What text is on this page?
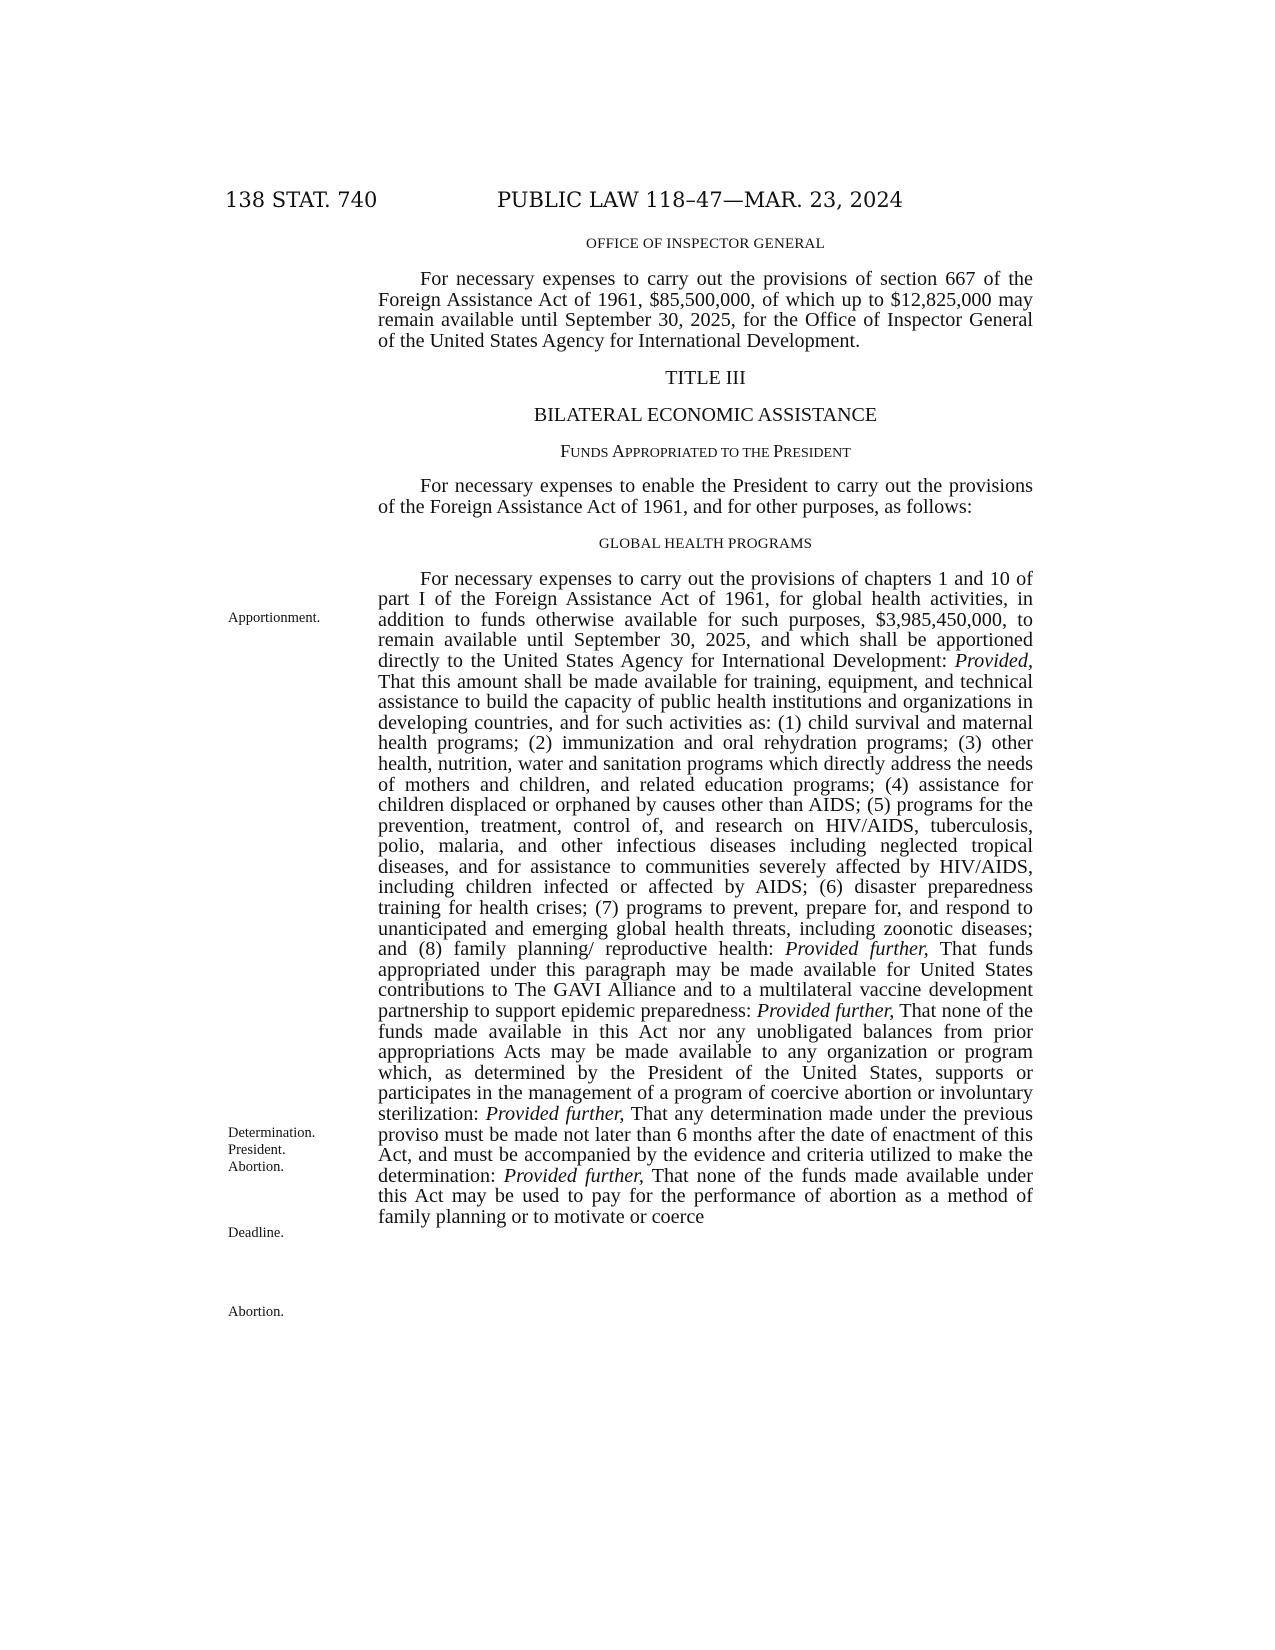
138 STAT. 740	PUBLIC LAW 118–47—MAR. 23, 2024
OFFICE OF INSPECTOR GENERAL

For necessary expenses to carry out the provisions of section 667 of the Foreign Assistance Act of 1961, $85,500,000, of which up to $12,825,000 may remain available until September 30, 2025, for the Office of Inspector General of the United States Agency for International Development.

TITLE III
BILATERAL ECONOMIC ASSISTANCE
FUNDS APPROPRIATED TO THE PRESIDENT

For necessary expenses to enable the President to carry out the provisions of the Foreign Assistance Act of 1961, and for other purposes, as follows:

GLOBAL HEALTH PROGRAMS

For necessary expenses to carry out the provisions of chapters 1 and 10 of part I of the Foreign Assistance Act of 1961, for global health activities, in addition to funds otherwise available for such purposes, $3,985,450,000, to remain available until September 30, 2025, and which shall be apportioned directly to the United States Agency for International Development: Provided, That this amount shall be made available for training, equipment, and technical assistance to build the capacity of public health institutions and organizations in developing countries, and for such activities as: (1) child survival and maternal health programs; (2) immunization and oral rehydration programs; (3) other health, nutrition, water and sanitation programs which directly address the needs of mothers and children, and related education programs; (4) assistance for children displaced or orphaned by causes other than AIDS; (5) programs for the prevention, treatment, control of, and research on HIV/AIDS, tuberculosis, polio, malaria, and other infectious diseases including neglected tropical diseases, and for assistance to communities severely affected by HIV/AIDS, including children infected or affected by AIDS; (6) disaster preparedness training for health crises; (7) programs to prevent, prepare for, and respond to unanticipated and emerging global health threats, including zoonotic diseases; and (8) family planning/ reproductive health: Provided further, That funds appropriated under this paragraph may be made available for United States contributions to The GAVI Alliance and to a multilateral vaccine development partnership to support epidemic preparedness: Provided further, That none of the funds made available in this Act nor any unobligated balances from prior appropriations Acts may be made available to any organization or program which, as determined by the President of the United States, supports or participates in the management of a program of coercive abortion or involuntary sterilization: Provided further, That any determination made under the previous proviso must be made not later than 6 months after the date of enactment of this Act, and must be accompanied by the evidence and criteria utilized to make the determination: Provided further, That none of the funds made available under this Act may be used to pay for the performance of abortion as a method of family planning or to motivate or coerce

Apportionment.
Determination.
President.
Abortion.
Deadline.
Abortion.
